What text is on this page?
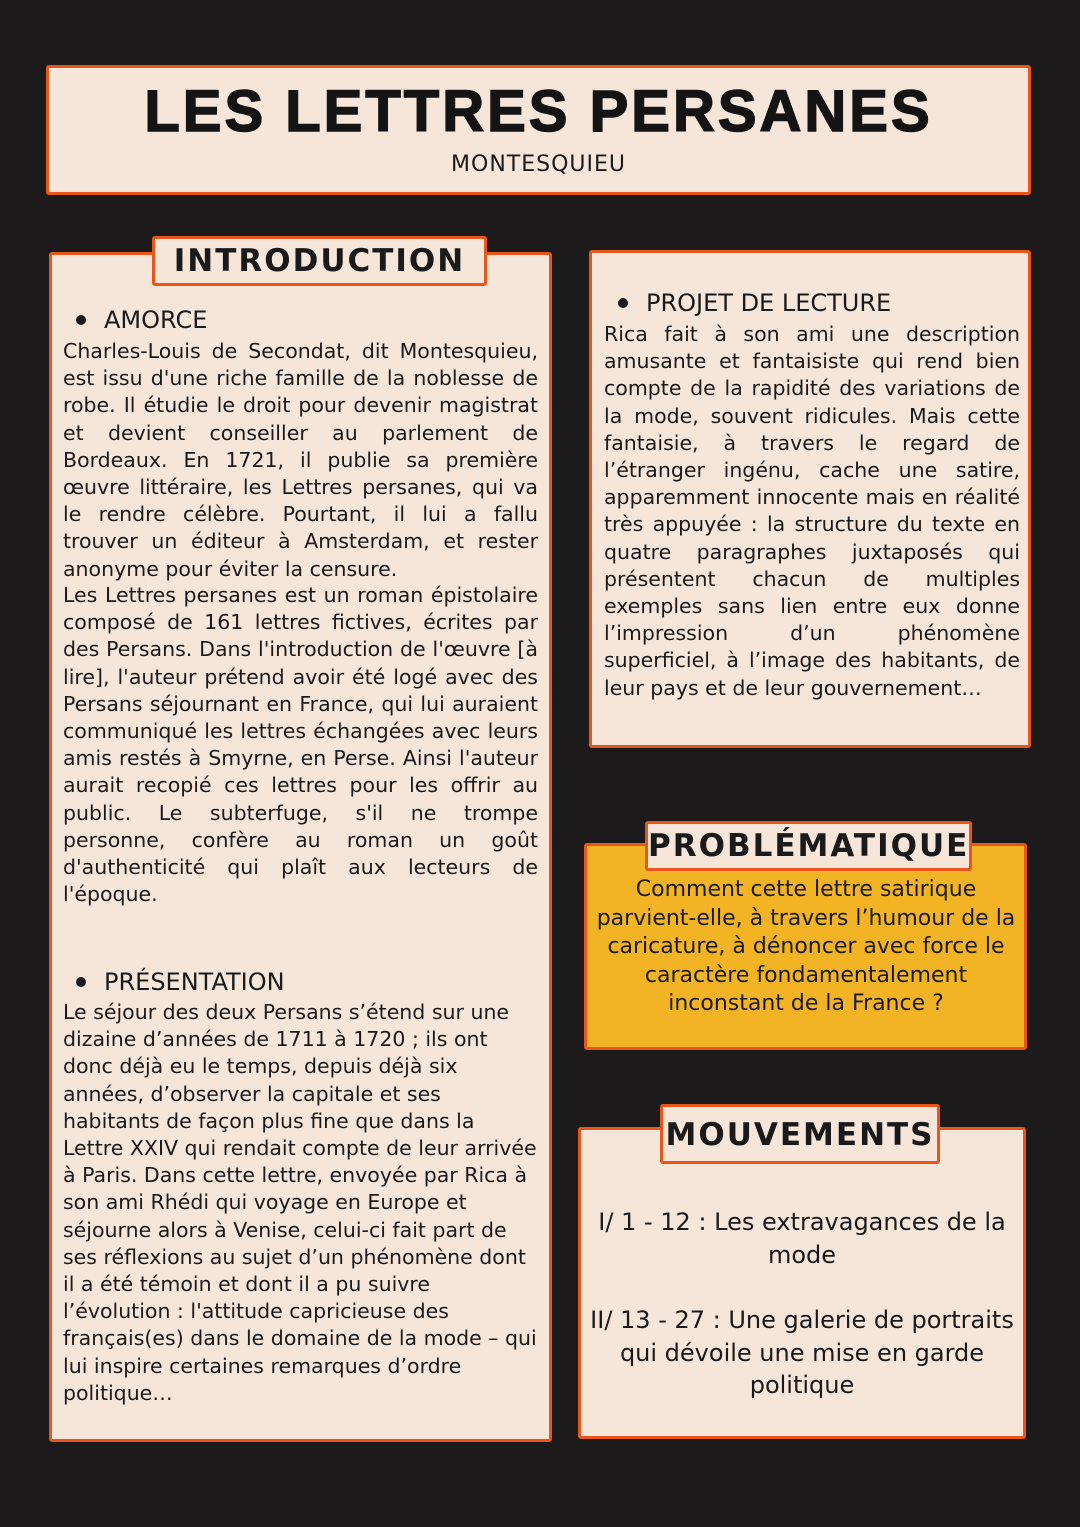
LES LETTRES PERSANES
MONTESQUIEU
INTRODUCTION
AMORCE

Charles-Louis de Secondat, dit Montesquieu, est issu d'une riche famille de la noblesse de robe. Il étudie le droit pour devenir magistrat et devient conseiller au parlement de Bordeaux. En 1721, il publie sa première œuvre littéraire, les Lettres persanes, qui va le rendre célèbre. Pourtant, il lui a fallu trouver un éditeur à Amsterdam, et rester anonyme pour éviter la censure.

Les Lettres persanes est un roman épistolaire composé de 161 lettres fictives, écrites par des Persans. Dans l'introduction de l'œuvre [à lire], l'auteur prétend avoir été logé avec des Persans séjournant en France, qui lui auraient communiqué les lettres échangées avec leurs amis restés à Smyrne, en Perse. Ainsi l'auteur aurait recopié ces lettres pour les offrir au public. Le subterfuge, s'il ne trompe personne, confère au roman un goût d'authenticité qui plaît aux lecteurs de l'époque.

PRÉSENTATION

Le séjour des deux Persans s’étend sur une dizaine d’années de 1711 à 1720 ; ils ont donc déjà eu le temps, depuis déjà six années, d’observer la capitale et ses habitants de façon plus fine que dans la Lettre XXIV qui rendait compte de leur arrivée à Paris. Dans cette lettre, envoyée par Rica à son ami Rhédi qui voyage en Europe et séjourne alors à Venise, celui-ci fait part de ses réflexions au sujet d’un phénomène dont il a été témoin et dont il a pu suivre l’évolution : l'attitude capricieuse des français(es) dans le domaine de la mode – qui lui inspire certaines remarques d’ordre politique…

PROJET DE LECTURE

Rica fait à son ami une description amusante et fantaisiste qui rend bien compte de la rapidité des variations de la mode, souvent ridicules. Mais cette fantaisie, à travers le regard de l’étranger ingénu, cache une satire, apparemment innocente mais en réalité très appuyée : la structure du texte en quatre paragraphes juxtaposés qui présentent chacun de multiples exemples sans lien entre eux donne l’impression d’un phénomène superficiel, à l’image des habitants, de leur pays et de leur gouvernement…

PROBLÉMATIQUE
Comment cette lettre satirique parvient-elle, à travers l’humour de la caricature, à dénoncer avec force le caractère fondamentalement inconstant de la France ?
MOUVEMENTS
I/ 1 - 12 : Les extravagances de la mode
II/ 13 - 27 : Une galerie de portraits qui dévoile une mise en garde politique
